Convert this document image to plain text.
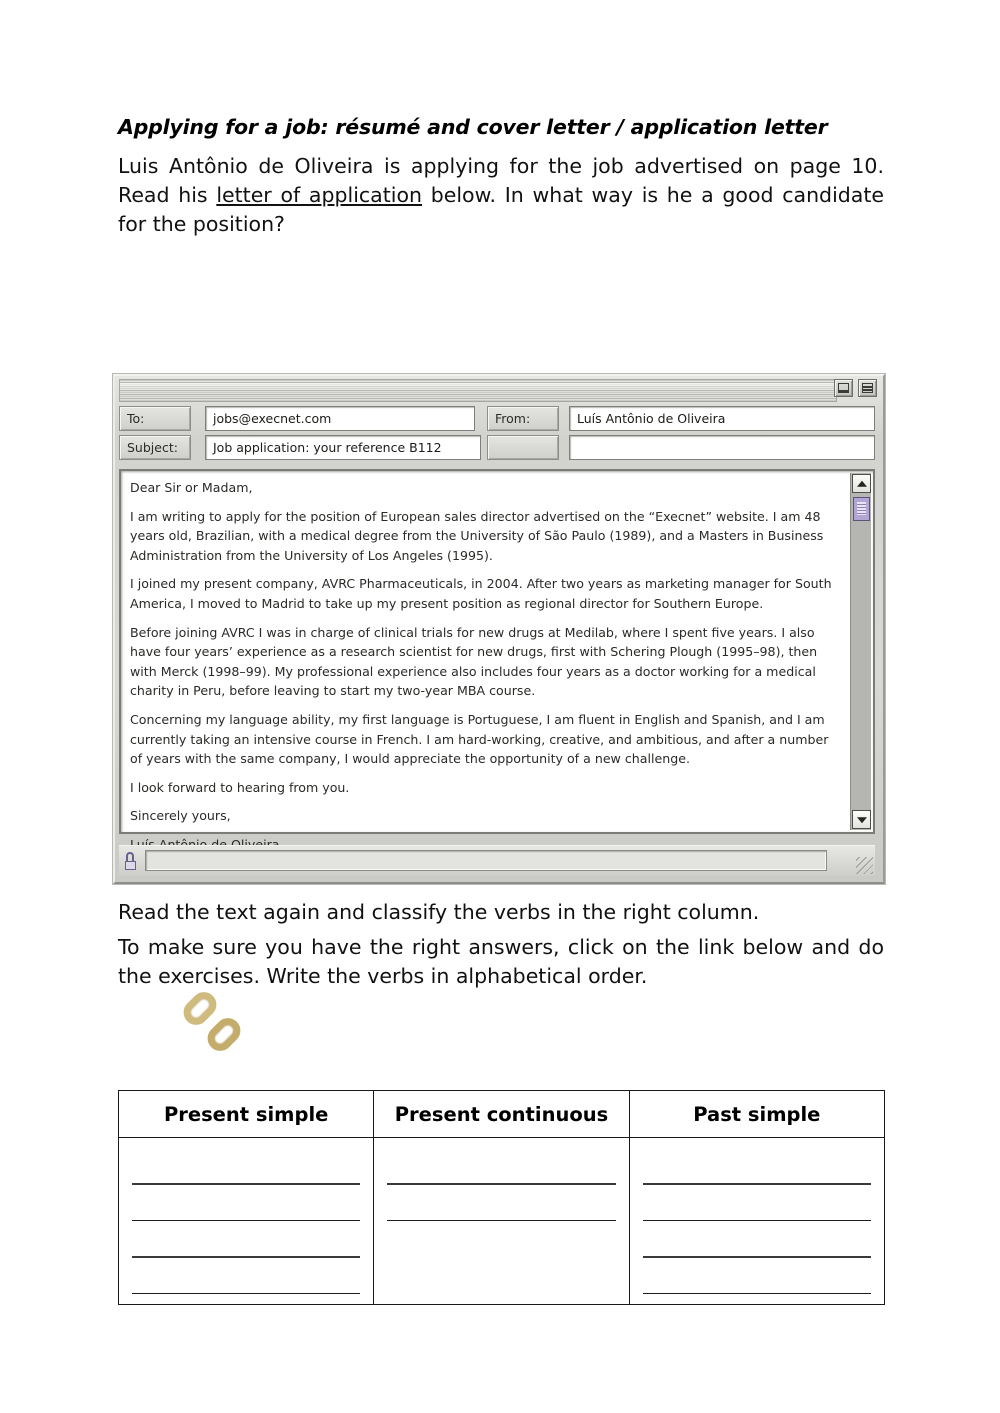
Applying for a job: résumé and cover letter / application letter
Luis Antônio de Oliveira is applying for the job advertised on page 10. Read his letter of application below. In what way is he a good candidate for the position?
To:	jobs@execnet.com	From:	Luís Antônio de Oliveira
Subject:	Job application: your reference B112

Dear Sir or Madam,

I am writing to apply for the position of European sales director advertised on the “Execnet” website. I am 48 years old, Brazilian, with a medical degree from the University of São Paulo (1989), and a Masters in Business Administration from the University of Los Angeles (1995).

I joined my present company, AVRC Pharmaceuticals, in 2004. After two years as marketing manager for South America, I moved to Madrid to take up my present position as regional director for Southern Europe.

Before joining AVRC I was in charge of clinical trials for new drugs at Medilab, where I spent five years. I also have four years’ experience as a research scientist for new drugs, first with Schering Plough (1995–98), then with Merck (1998–99). My professional experience also includes four years as a doctor working for a medical charity in Peru, before leaving to start my two-year MBA course.

Concerning my language ability, my first language is Portuguese, I am fluent in English and Spanish, and I am currently taking an intensive course in French. I am hard-working, creative, and ambitious, and after a number of years with the same company, I would appreciate the opportunity of a new challenge.

I look forward to hearing from you.

Sincerely yours,

Read the text again and classify the verbs in the right column.
To make sure you have the right answers, click on the link below and do the exercises. Write the verbs in alphabetical order.
Present simple	Present continuous	Past simple
